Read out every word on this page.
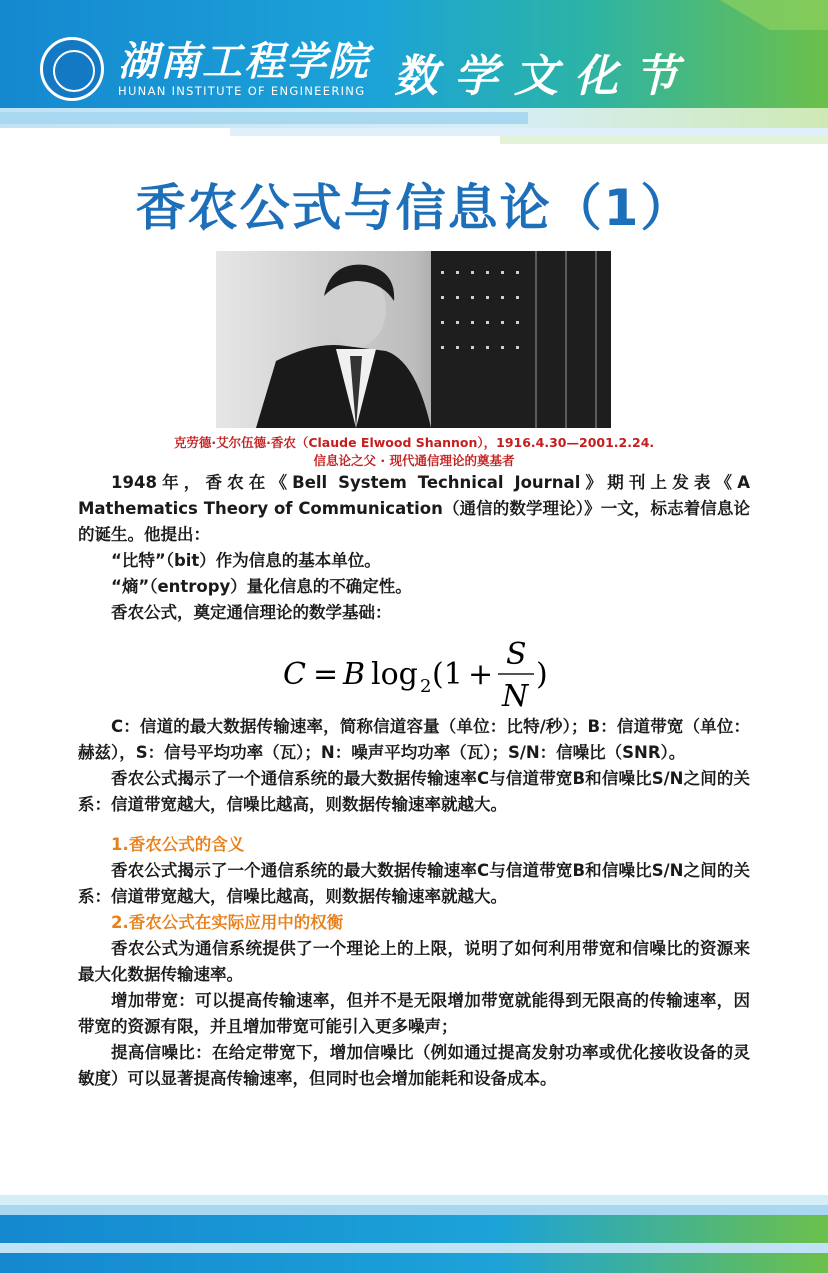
湖南工程学院
HUNAN INSTITUTE OF ENGINEERING 数学文化节
香农公式与信息论（1）
克劳德·艾尔伍德·香农（Claude Elwood Shannon），1916.4.30—2001.2.24.
信息论之父 · 现代通信理论的奠基者

1948年，香农在《Bell System Technical Journal》期刊上发表《A Mathematics Theory of Communication（通信的数学理论）》一文，标志着信息论的诞生。他提出：

“比特”（bit）作为信息的基本单位。

“熵”（entropy）量化信息的不确定性。

香农公式，奠定通信理论的数学基础：

C = B log 2 (1 +
S
N
)

C：信道的最大数据传输速率，简称信道容量（单位：比特/秒）；B：信道带宽（单位：赫兹），S：信号平均功率（瓦）；N：噪声平均功率（瓦）；S/N：信噪比（SNR）。

香农公式揭示了一个通信系统的最大数据传输速率C与信道带宽B和信噪比S/N之间的关系：信道带宽越大，信噪比越高，则数据传输速率就越大。

1.香农公式的含义

香农公式揭示了一个通信系统的最大数据传输速率C与信道带宽B和信噪比S/N之间的关系：信道带宽越大，信噪比越高，则数据传输速率就越大。

2.香农公式在实际应用中的权衡

香农公式为通信系统提供了一个理论上的上限，说明了如何利用带宽和信噪比的资源来最大化数据传输速率。

增加带宽：可以提高传输速率，但并不是无限增加带宽就能得到无限高的传输速率，因带宽的资源有限，并且增加带宽可能引入更多噪声；

提高信噪比：在给定带宽下，增加信噪比（例如通过提高发射功率或优化接收设备的灵敏度）可以显著提高传输速率，但同时也会增加能耗和设备成本。
